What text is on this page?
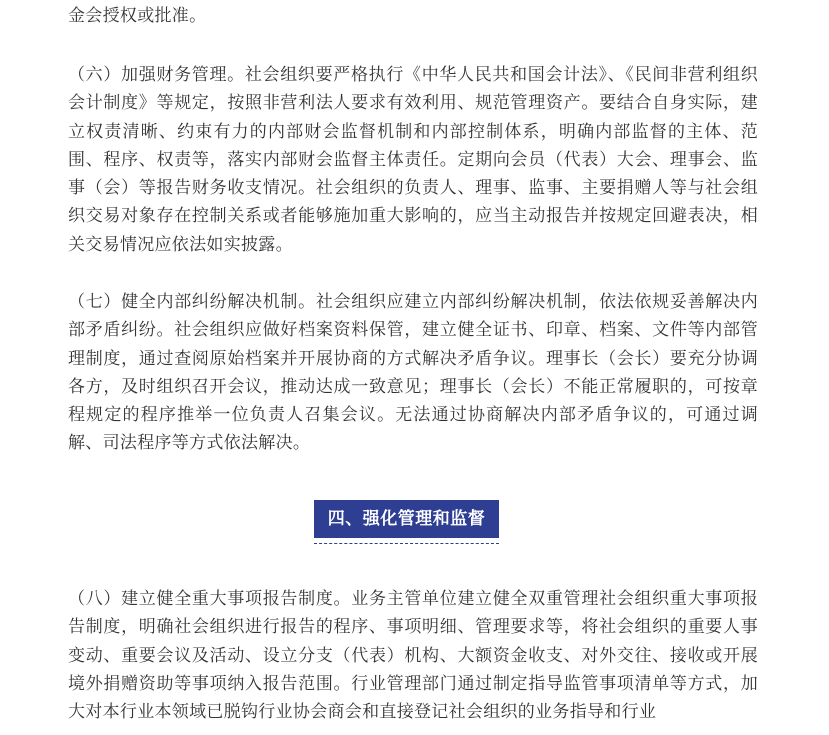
金会授权或批准。

（六）加强财务管理。社会组织要严格执行《中华人民共和国会计法》、《民间非营利组织会计制度》等规定，按照非营利法人要求有效利用、规范管理资产。要结合自身实际，建立权责清晰、约束有力的内部财会监督机制和内部控制体系，明确内部监督的主体、范围、程序、权责等，落实内部财会监督主体责任。定期向会员（代表）大会、理事会、监事（会）等报告财务收支情况。社会组织的负责人、理事、监事、主要捐赠人等与社会组织交易对象存在控制关系或者能够施加重大影响的，应当主动报告并按规定回避表决，相关交易情况应依法如实披露。

（七）健全内部纠纷解决机制。社会组织应建立内部纠纷解决机制，依法依规妥善解决内部矛盾纠纷。社会组织应做好档案资料保管，建立健全证书、印章、档案、文件等内部管理制度，通过查阅原始档案并开展协商的方式解决矛盾争议。理事长（会长）要充分协调各方，及时组织召开会议，推动达成一致意见；理事长（会长）不能正常履职的，可按章程规定的程序推举一位负责人召集会议。无法通过协商解决内部矛盾争议的，可通过调解、司法程序等方式依法解决。

四、强化管理和监督

（八）建立健全重大事项报告制度。业务主管单位建立健全双重管理社会组织重大事项报告制度，明确社会组织进行报告的程序、事项明细、管理要求等，将社会组织的重要人事变动、重要会议及活动、设立分支（代表）机构、大额资金收支、对外交往、接收或开展境外捐赠资助等事项纳入报告范围。行业管理部门通过制定指导监管事项清单等方式，加大对本行业本领域已脱钩行业协会商会和直接登记社会组织的业务指导和行业
